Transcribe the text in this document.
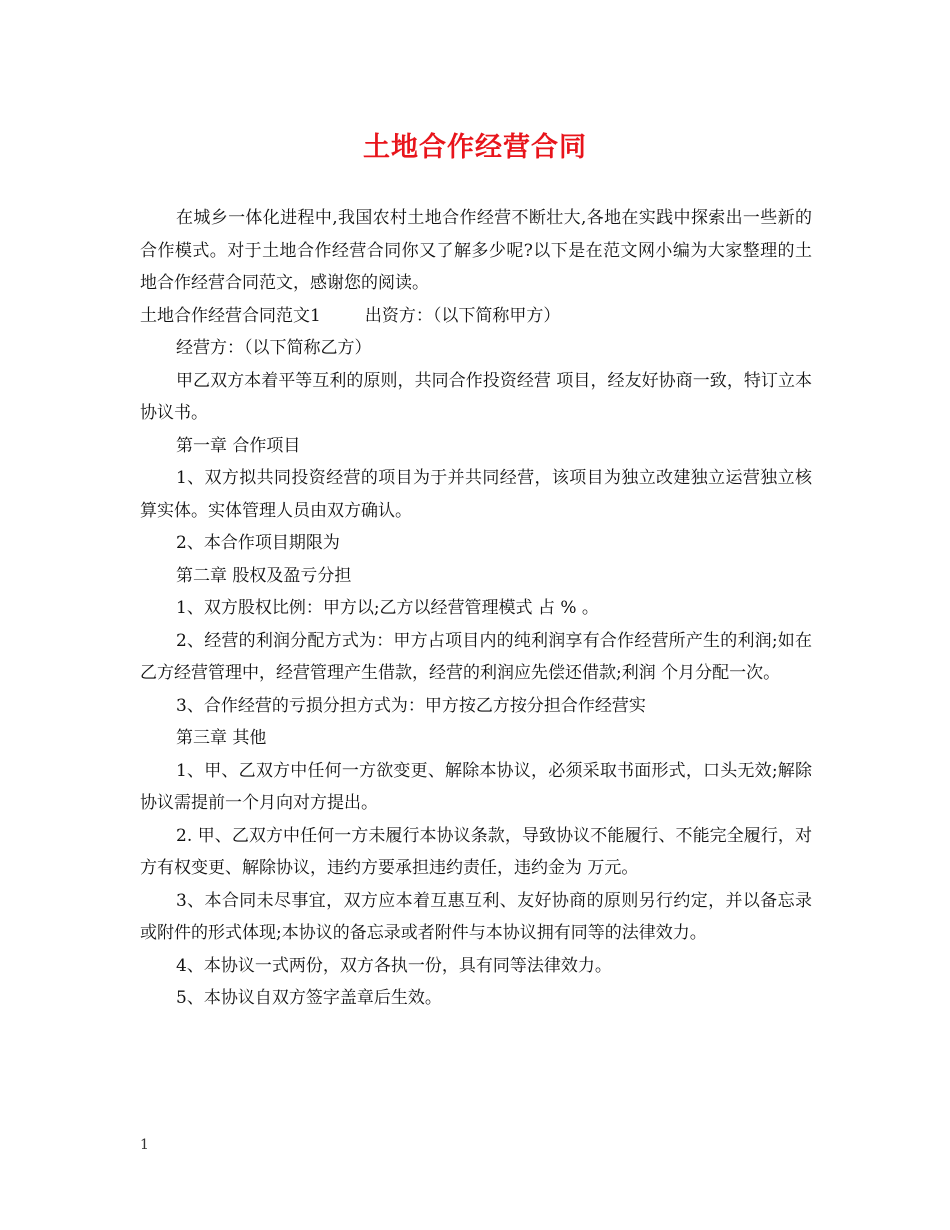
土地合作经营合同

在城乡一体化进程中,我国农村土地合作经营不断壮大,各地在实践中探索出一些新的合作模式。对于土地合作经营合同你又了解多少呢?以下是在范文网小编为大家整理的土地合作经营合同范文，感谢您的阅读。

土地合作经营合同范文1	出资方：（以下简称甲方）

经营方：（以下简称乙方）

甲乙双方本着平等互利的原则，共同合作投资经营 项目，经友好协商一致，特订立本协议书。

第一章 合作项目

1、双方拟共同投资经营的项目为于并共同经营，该项目为独立改建独立运营独立核算实体。实体管理人员由双方确认。

2、本合作项目期限为

第二章 股权及盈亏分担

1、双方股权比例：甲方以;乙方以经营管理模式 占 % 。

2、经营的利润分配方式为：甲方占项目内的纯利润享有合作经营所产生的利润;如在乙方经营管理中，经营管理产生借款，经营的利润应先偿还借款;利润 个月分配一次。

3、合作经营的亏损分担方式为：甲方按乙方按分担合作经营实

第三章 其他

1、甲、乙双方中任何一方欲变更、解除本协议，必须采取书面形式，口头无效;解除协议需提前一个月向对方提出。

2. 甲、乙双方中任何一方未履行本协议条款，导致协议不能履行、不能完全履行，对方有权变更、解除协议，违约方要承担违约责任，违约金为 万元。

3、本合同未尽事宜，双方应本着互惠互利、友好协商的原则另行约定，并以备忘录或附件的形式体现;本协议的备忘录或者附件与本协议拥有同等的法律效力。

4、本协议一式两份，双方各执一份，具有同等法律效力。

5、本协议自双方签字盖章后生效。

1
